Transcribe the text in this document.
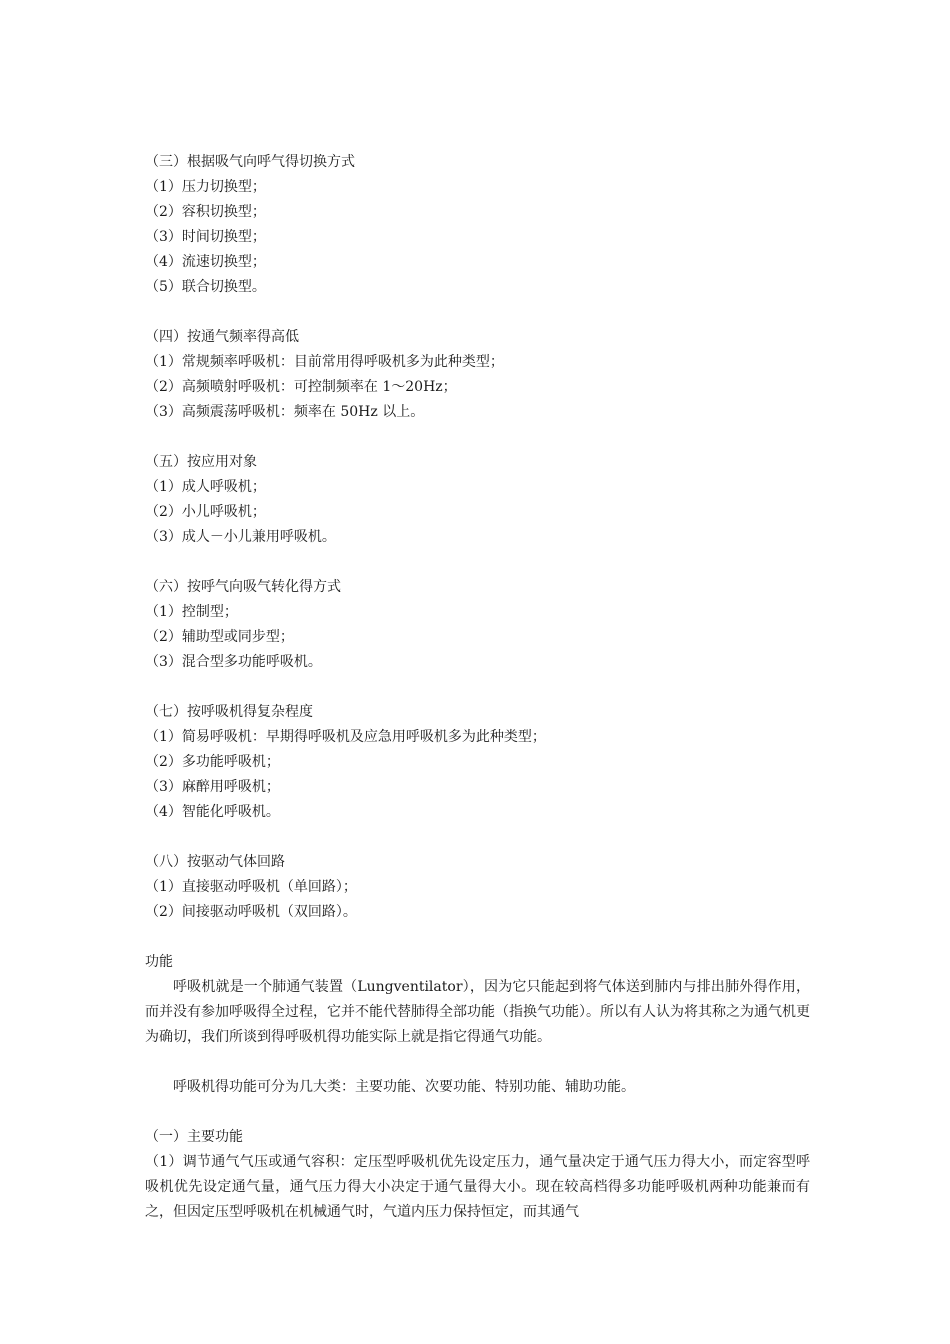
（三）根据吸气向呼气得切换方式
（1）压力切换型；
（2）容积切换型；
（3）时间切换型；
（4）流速切换型；
（5）联合切换型。
（四）按通气频率得高低
（1）常规频率呼吸机：目前常用得呼吸机多为此种类型；
（2）高频喷射呼吸机：可控制频率在 1～20Hz；
（3）高频震荡呼吸机：频率在 50Hz 以上。
（五）按应用对象
（1）成人呼吸机；
（2）小儿呼吸机；
（3）成人－小儿兼用呼吸机。
（六）按呼气向吸气转化得方式
（1）控制型；
（2）辅助型或同步型；
（3）混合型多功能呼吸机。
（七）按呼吸机得复杂程度
（1）简易呼吸机：早期得呼吸机及应急用呼吸机多为此种类型；
（2）多功能呼吸机；
（3）麻醉用呼吸机；
（4）智能化呼吸机。
（八）按驱动气体回路
（1）直接驱动呼吸机（单回路）；
（2）间接驱动呼吸机（双回路）。
功能
呼吸机就是一个肺通气装置（Lungventilator），因为它只能起到将气体送到肺内与排出肺外得作用，而并没有参加呼吸得全过程，它并不能代替肺得全部功能（指换气功能）。所以有人认为将其称之为通气机更为确切，我们所谈到得呼吸机得功能实际上就是指它得通气功能。
呼吸机得功能可分为几大类：主要功能、次要功能、特别功能、辅助功能。
（一）主要功能
（1）调节通气气压或通气容积：定压型呼吸机优先设定压力，通气量决定于通气压力得大小，而定容型呼吸机优先设定通气量，通气压力得大小决定于通气量得大小。现在较高档得多功能呼吸机两种功能兼而有之，但因定压型呼吸机在机械通气时，气道内压力保持恒定，而其通气
